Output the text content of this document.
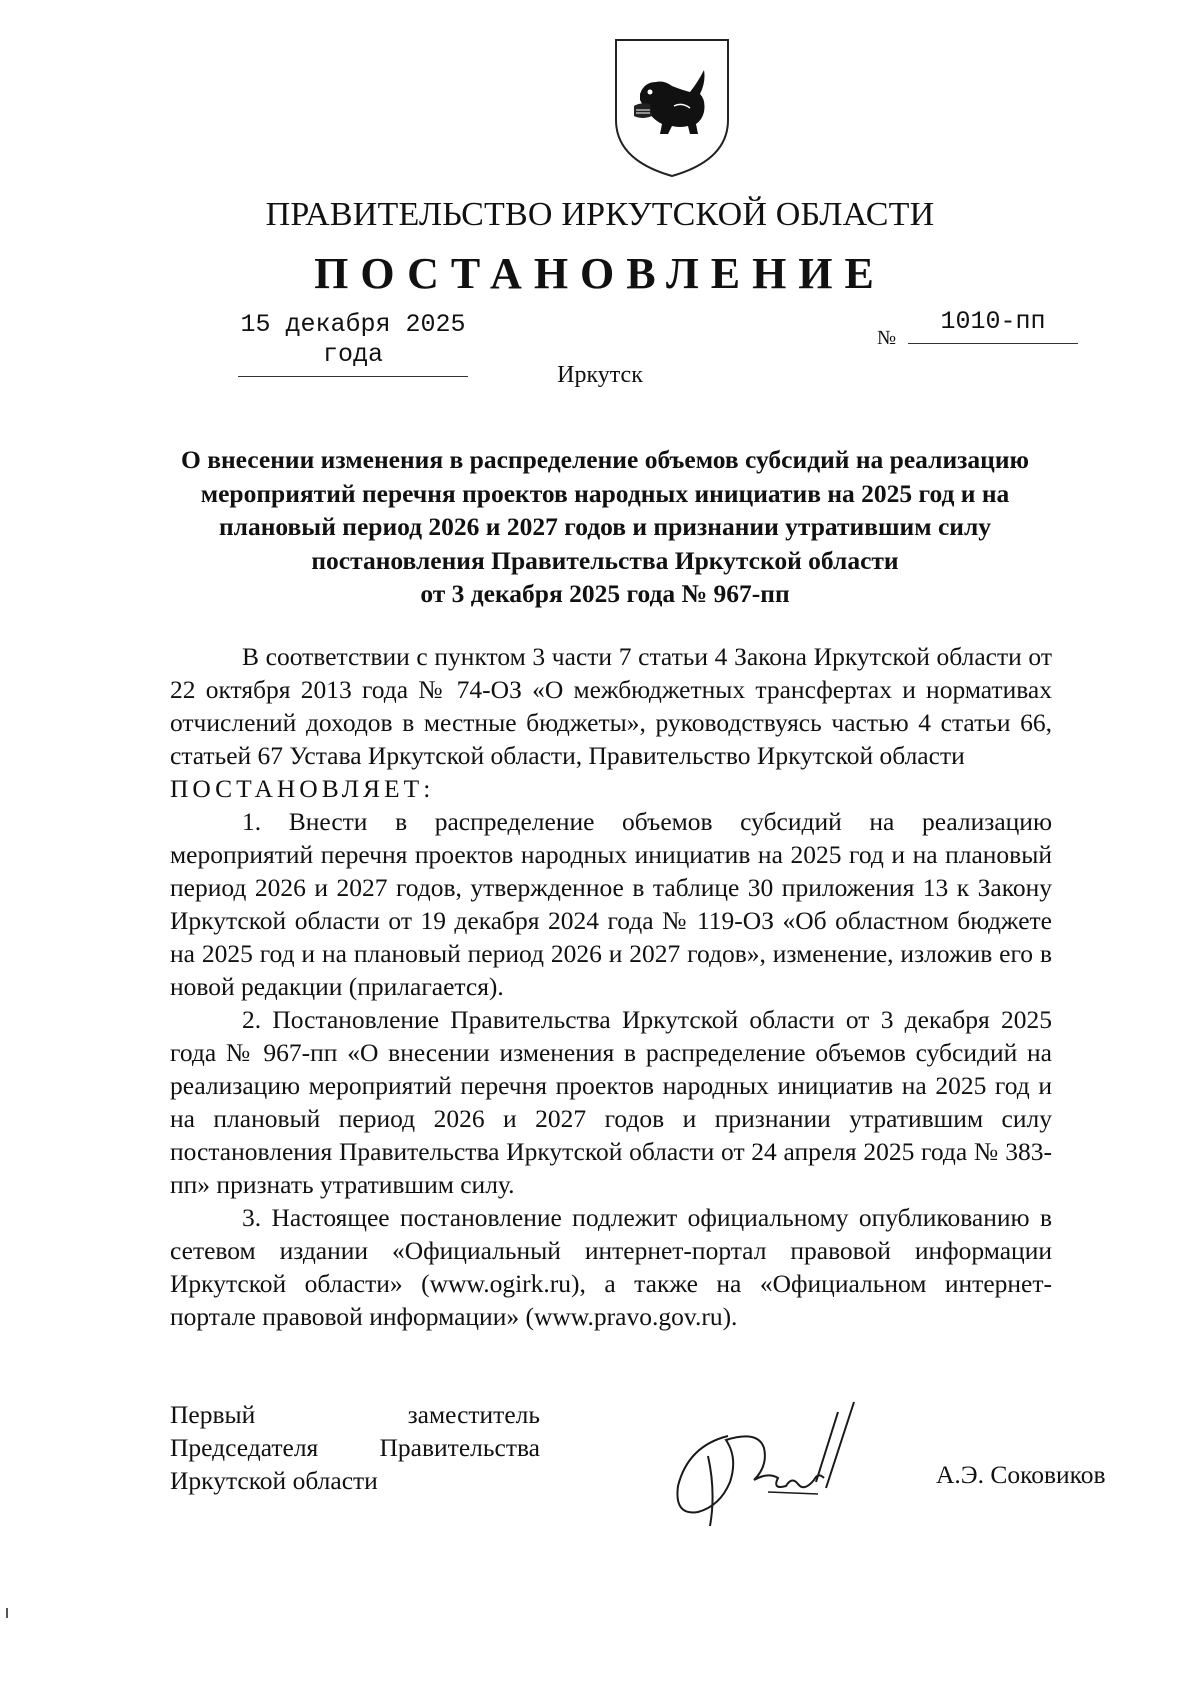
ПРАВИТЕЛЬСТВО ИРКУТСКОЙ ОБЛАСТИ
ПОСТАНОВЛЕНИЕ
15 декабря 2025 года
№
1010-пп
Иркутск
О внесении изменения в распределение объемов субсидий на реализацию
мероприятий перечня проектов народных инициатив на 2025 год и на
плановый период 2026 и 2027 годов и признании утратившим силу
постановления Правительства Иркутской области
от 3 декабря 2025 года № 967-пп

В соответствии с пунктом 3 части 7 статьи 4 Закона Иркутской области от 22 октября 2013 года № 74-ОЗ «О межбюджетных трансфертах и нормативах отчислений доходов в местные бюджеты», руководствуясь частью 4 статьи 66, статьей 67 Устава Иркутской области, Правительство Иркутской области

ПОСТАНОВЛЯЕТ:

1. Внести в распределение объемов субсидий на реализацию мероприятий перечня проектов народных инициатив на 2025 год и на плановый период 2026 и 2027 годов, утвержденное в таблице 30 приложения 13 к Закону Иркутской области от 19 декабря 2024 года № 119-ОЗ «Об областном бюджете на 2025 год и на плановый период 2026 и 2027 годов», изменение, изложив его в новой редакции (прилагается).

2. Постановление Правительства Иркутской области от 3 декабря 2025 года № 967-пп «О внесении изменения в распределение объемов субсидий на реализацию мероприятий перечня проектов народных инициатив на 2025 год и на плановый период 2026 и 2027 годов и признании утратившим силу постановления Правительства Иркутской области от 24 апреля 2025 года № 383-пп» признать утратившим силу.

3. Настоящее постановление подлежит официальному опубликованию в сетевом издании «Официальный интернет-портал правовой информации Иркутской области» (www.ogirk.ru), а также на «Официальном интернет-портале правовой информации» (www.pravo.gov.ru).

Первый заместитель
Председателя Правительства
Иркутской области	А.Э. Соковиков
